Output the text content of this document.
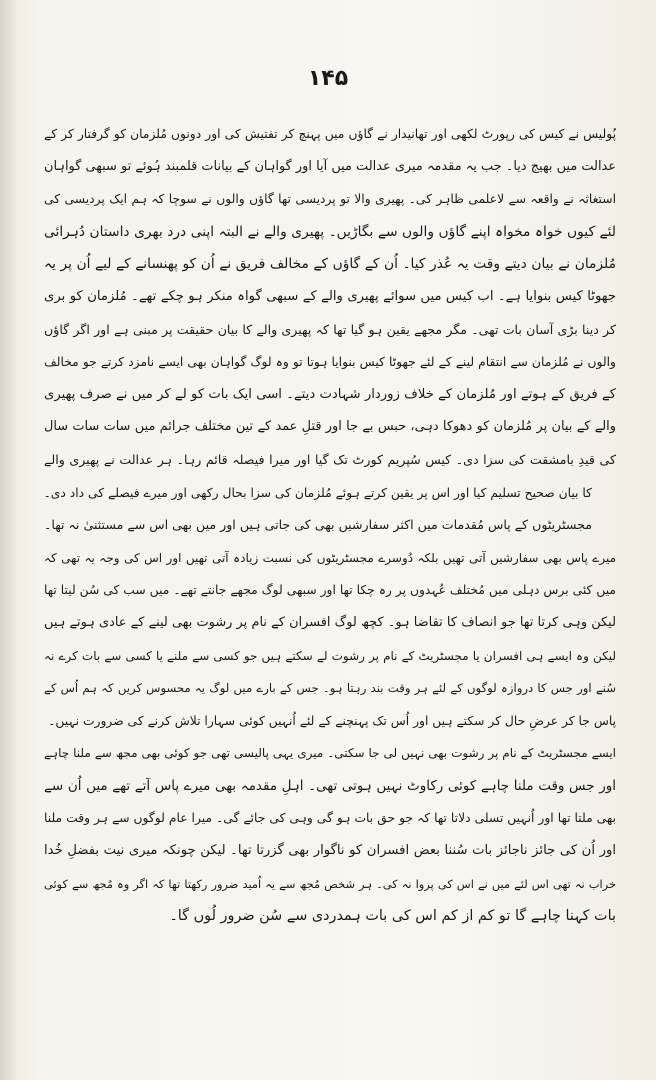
١۴۵
پُولیس نے کیس کی رپورٹ لکھی اور تھانیدار نے گاؤں میں پہنچ کر تفتیش کی اور دونوں مُلزمان کو گرفتار کر کے
عدالت میں بھیج دیا۔ جب یہ مقدمہ میری عدالت میں آیا اور گواہان کے بیانات قلمبند ہُوئے تو سبھی گواہان
استغاثہ نے واقعہ سے لاعلمی ظاہر کی۔ پھیری والا تو پردیسی تھا گاؤں والوں نے سوچا کہ ہم ایک پردیسی کی
لئے کیوں خواہ مخواہ اپنے گاؤں والوں سے بگاڑیں۔ پھیری والے نے البتہ اپنی درد بھری داستان دُہرائی
مُلزمان نے بیان دیتے وقت یہ عُذر کیا۔ اُن کے گاؤں کے مخالف فریق نے اُن کو پھنسانے کے لیے اُن پر یہ
جھوٹا کیس بنوایا ہے۔ اب کیس میں سوائے پھیری والے کے سبھی گواہ منکر ہو چکے تھے۔ مُلزمان کو بری
کر دینا بڑی آسان بات تھی۔ مگر مجھے یقین ہو گیا تھا کہ پھیری والے کا بیان حقیقت پر مبنی ہے اور اگر گاؤں
والوں نے مُلزمان سے انتقام لینے کے لئے جھوٹا کیس بنوایا ہوتا تو وہ لوگ گواہان بھی ایسے نامزد کرتے جو مخالف
کے فریق کے ہوتے اور مُلزمان کے خلاف زوردار شہادت دیتے۔ اسی ایک بات کو لے کر میں نے صرف پھیری
والے کے بیان پر مُلزمان کو دھوکا دہی، حبس بے جا اور قتلِ عمد کے تین مختلف جرائم میں سات سات سال
کی قیدِ بامشقت کی سزا دی۔ کیس سُپریم کورٹ تک گیا اور میرا فیصلہ قائم رہا۔ ہر عدالت نے پھیری والے
کا بیان صحیح تسلیم کیا اور اس پر یقین کرتے ہوئے مُلزمان کی سزا بحال رکھی اور میرے فیصلے کی داد دی۔
مجسٹریٹوں کے پاس مُقدمات میں اکثر سفارشیں بھی کی جاتی ہیں اور میں بھی اس سے مستثنیٰ نہ تھا۔
میرے پاس بھی سفارشیں آتی تھیں بلکہ دُوسرے مجسٹریٹوں کی نسبت زیادہ آتی تھیں اور اس کی وجہ یہ تھی کہ
میں کئی برس دہلی میں مُختلف عُہدوں پر رہ چکا تھا اور سبھی لوگ مجھے جانتے تھے۔ میں سب کی سُن لیتا تھا
لیکن وہی کرتا تھا جو انصاف کا تقاضا ہو۔ کچھ لوگ افسران کے نام پر رشوت بھی لینے کے عادی ہوتے ہیں
لیکن وہ ایسے ہی افسران یا مجسٹریٹ کے نام پر رشوت لے سکتے ہیں جو کسی سے ملنے یا کسی سے بات کرے نہ
سُنے اور جس کا دروازہ لوگوں کے لئے ہر وقت بند رہتا ہو۔ جس کے بارے میں لوگ یہ محسوس کریں کہ ہم اُس کے
پاس جا کر عرضِ حال کر سکتے ہیں اور اُس تک پہنچنے کے لئے اُنہیں کوئی سہارا تلاش کرنے کی ضرورت نہیں۔
ایسے مجسٹریٹ کے نام پر رشوت بھی نہیں لی جا سکتی۔ میری یہی پالیسی تھی جو کوئی بھی مجھ سے ملنا چاہے
اور جس وقت ملنا چاہے کوئی رکاوٹ نہیں ہوتی تھی۔ اہلِ مقدمہ بھی میرے پاس آتے تھے میں اُن سے
بھی ملتا تھا اور اُنہیں تسلی دلاتا تھا کہ جو حق بات ہو گی وہی کی جائے گی۔ میرا عام لوگوں سے ہر وقت ملنا
اور اُن کی جائز ناجائز بات سُننا بعض افسران کو ناگوار بھی گزرتا تھا۔ لیکن چونکہ میری نیت بفضلِ خُدا
خراب نہ تھی اس لئے میں نے اس کی پروا نہ کی۔ ہر شخص مُجھ سے یہ اُمید ضرور رکھتا تھا کہ اگر وہ مُجھ سے کوئی
بات کہنا چاہے گا تو کم از کم اس کی بات ہمدردی سے سُن ضرور لُوں گا۔
